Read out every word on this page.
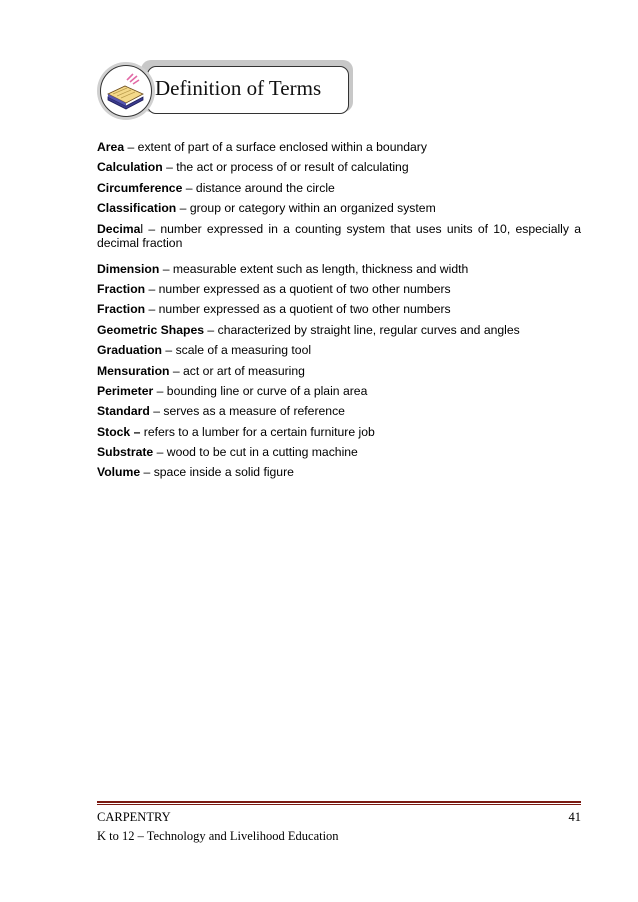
Definition of Terms

Area – extent of part of a surface enclosed within a boundary

Calculation – the act or process of or result of calculating

Circumference – distance around the circle

Classification – group or category within an organized system

Decimal – number expressed in a counting system that uses units of 10, especially a decimal fraction

Dimension – measurable extent such as length, thickness and width

Fraction – number expressed as a quotient of two other numbers

Fraction – number expressed as a quotient of two other numbers

Geometric Shapes – characterized by straight line, regular curves and angles

Graduation – scale of a measuring tool

Mensuration – act or art of measuring

Perimeter – bounding line or curve of a plain area

Standard – serves as a measure of reference

Stock – refers to a lumber for a certain furniture job

Substrate – wood to be cut in a cutting machine

Volume – space inside a solid figure

CARPENTRY
K to 12 – Technology and Livelihood Education
41
